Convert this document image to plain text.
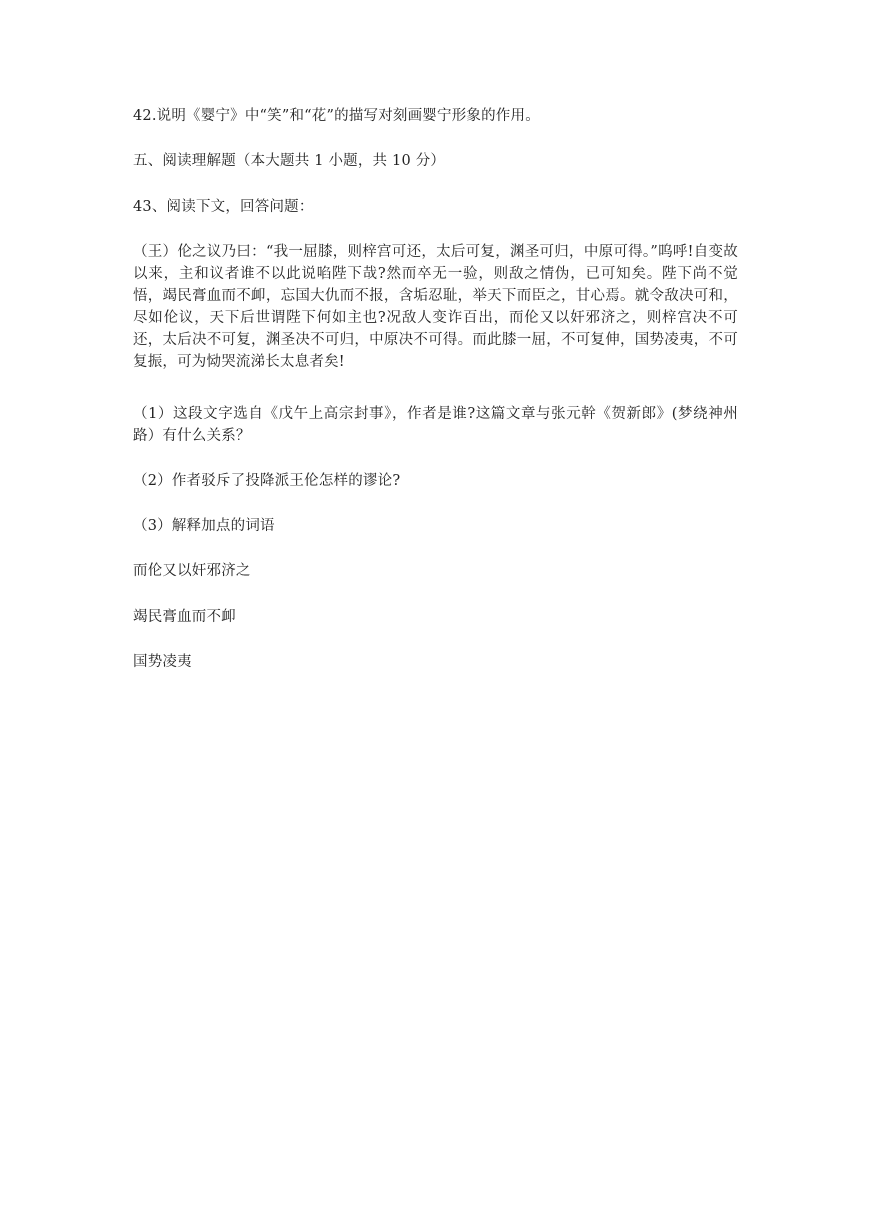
42.说明《婴宁》中“笑”和“花”的描写对刻画婴宁形象的作用。

五、阅读理解题（本大题共 1 小题，共 10 分）

43、阅读下文，回答问题：

（王）伦之议乃曰：“我一屈膝，则梓宫可还，太后可复，渊圣可归，中原可得。”呜呼!自变故以来，主和议者谁不以此说啗陛下哉?然而卒无一验，则敌之情伪，已可知矣。陛下尚不觉悟，竭民膏血而不卹，忘国大仇而不报，含垢忍耻，举天下而臣之，甘心焉。就令敌决可和，尽如伦议，天下后世谓陛下何如主也?况敌人变诈百出，而伦又以奸邪济之，则梓宫决不可还，太后决不可复，渊圣决不可归，中原决不可得。而此膝一屈，不可复伸，国势凌夷，不可复振，可为恸哭流涕长太息者矣!

（1）这段文字选自《戊午上高宗封事》，作者是谁?这篇文章与张元幹《贺新郎》(梦绕神州路）有什么关系？

（2）作者驳斥了投降派王伦怎样的谬论?

（3）解释加点的词语

而伦又以奸邪济之

竭民膏血而不卹

国势凌夷
